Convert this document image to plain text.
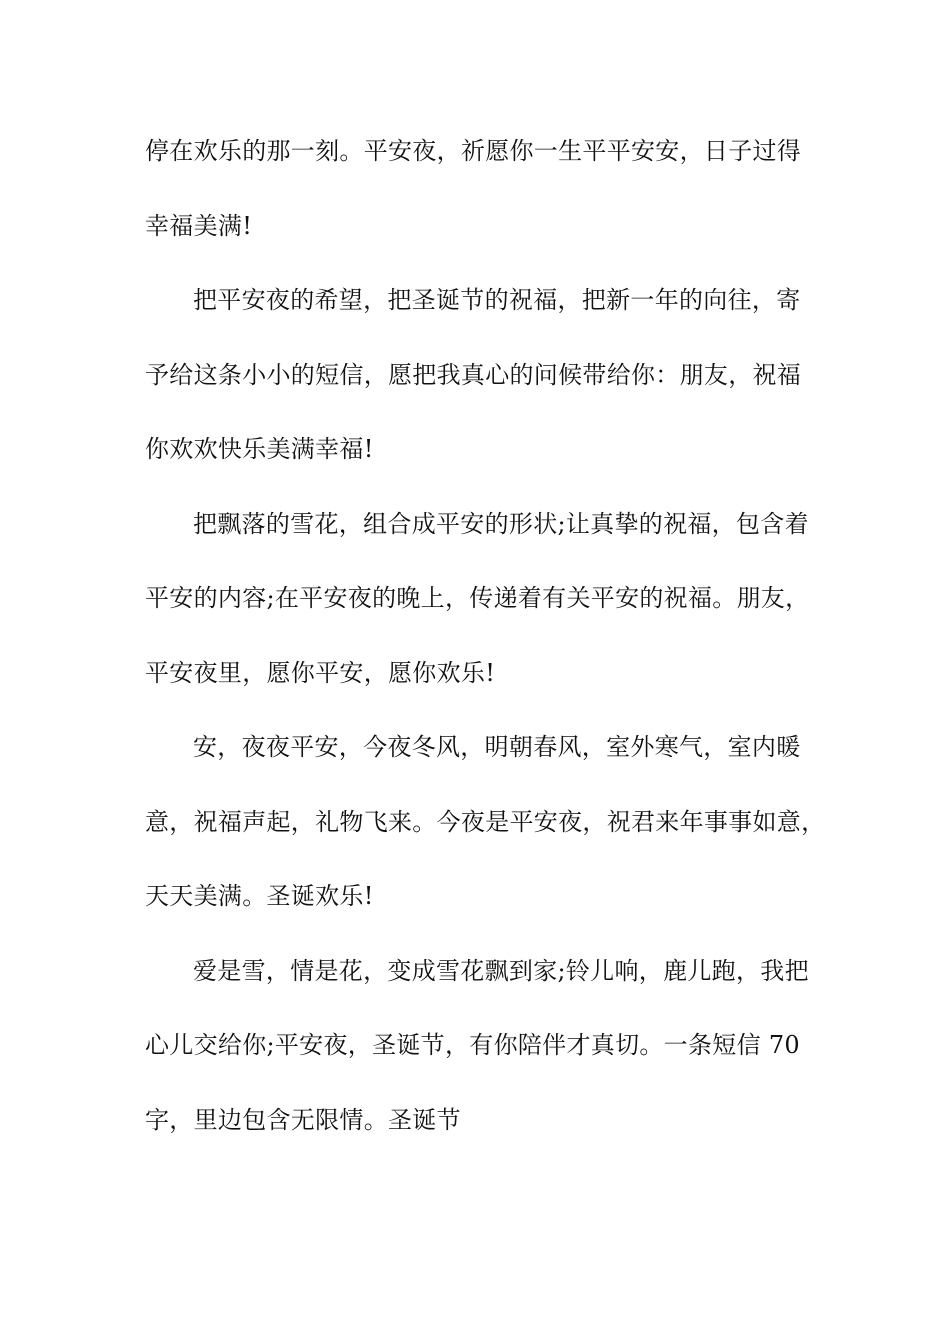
停在欢乐的那一刻。平安夜，祈愿你一生平平安安，日子过得
幸福美满!
把平安夜的希望，把圣诞节的祝福，把新一年的向往，寄
予给这条小小的短信，愿把我真心的问候带给你：朋友，祝福
你欢欢快乐美满幸福!
把飘落的雪花，组合成平安的形状;让真挚的祝福，包含着
平安的内容;在平安夜的晚上，传递着有关平安的祝福。朋友，
平安夜里，愿你平安，愿你欢乐!
安，夜夜平安，今夜冬风，明朝春风，室外寒气，室内暖
意，祝福声起，礼物飞来。今夜是平安夜，祝君来年事事如意，
天天美满。圣诞欢乐!
爱是雪，情是花，变成雪花飘到家;铃儿响，鹿儿跑，我把
心儿交给你;平安夜，圣诞节，有你陪伴才真切。一条短信 70
字，里边包含无限情。圣诞节
